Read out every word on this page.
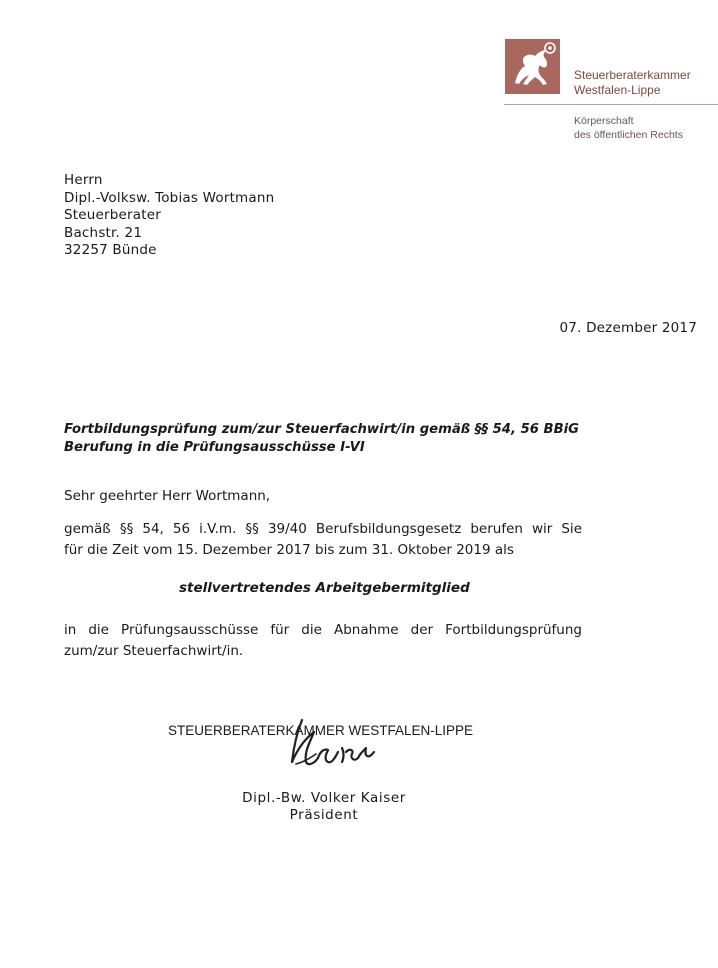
Steuerberaterkammer
Westfalen-Lippe
Körperschaft
des öffentlichen Rechts
Herrn
Dipl.-Volksw. Tobias Wortmann
Steuerberater
Bachstr. 21
32257 Bünde
07. Dezember 2017
Fortbildungsprüfung zum/zur Steuerfachwirt/in gemäß §§ 54, 56 BBiG
Berufung in die Prüfungsausschüsse I-VI
Sehr geehrter Herr Wortmann,
gemäß §§ 54, 56 i.V.m. §§ 39/40 Berufsbildungsgesetz berufen wir Sie
für die Zeit vom 15. Dezember 2017 bis zum 31. Oktober 2019 als
stellvertretendes Arbeitgebermitglied
in die Prüfungsausschüsse für die Abnahme der Fortbildungsprüfung
zum/zur Steuerfachwirt/in.
STEUERBERATERKAMMER WESTFALEN-LIPPE
Dipl.-Bw. Volker Kaiser
Präsident
